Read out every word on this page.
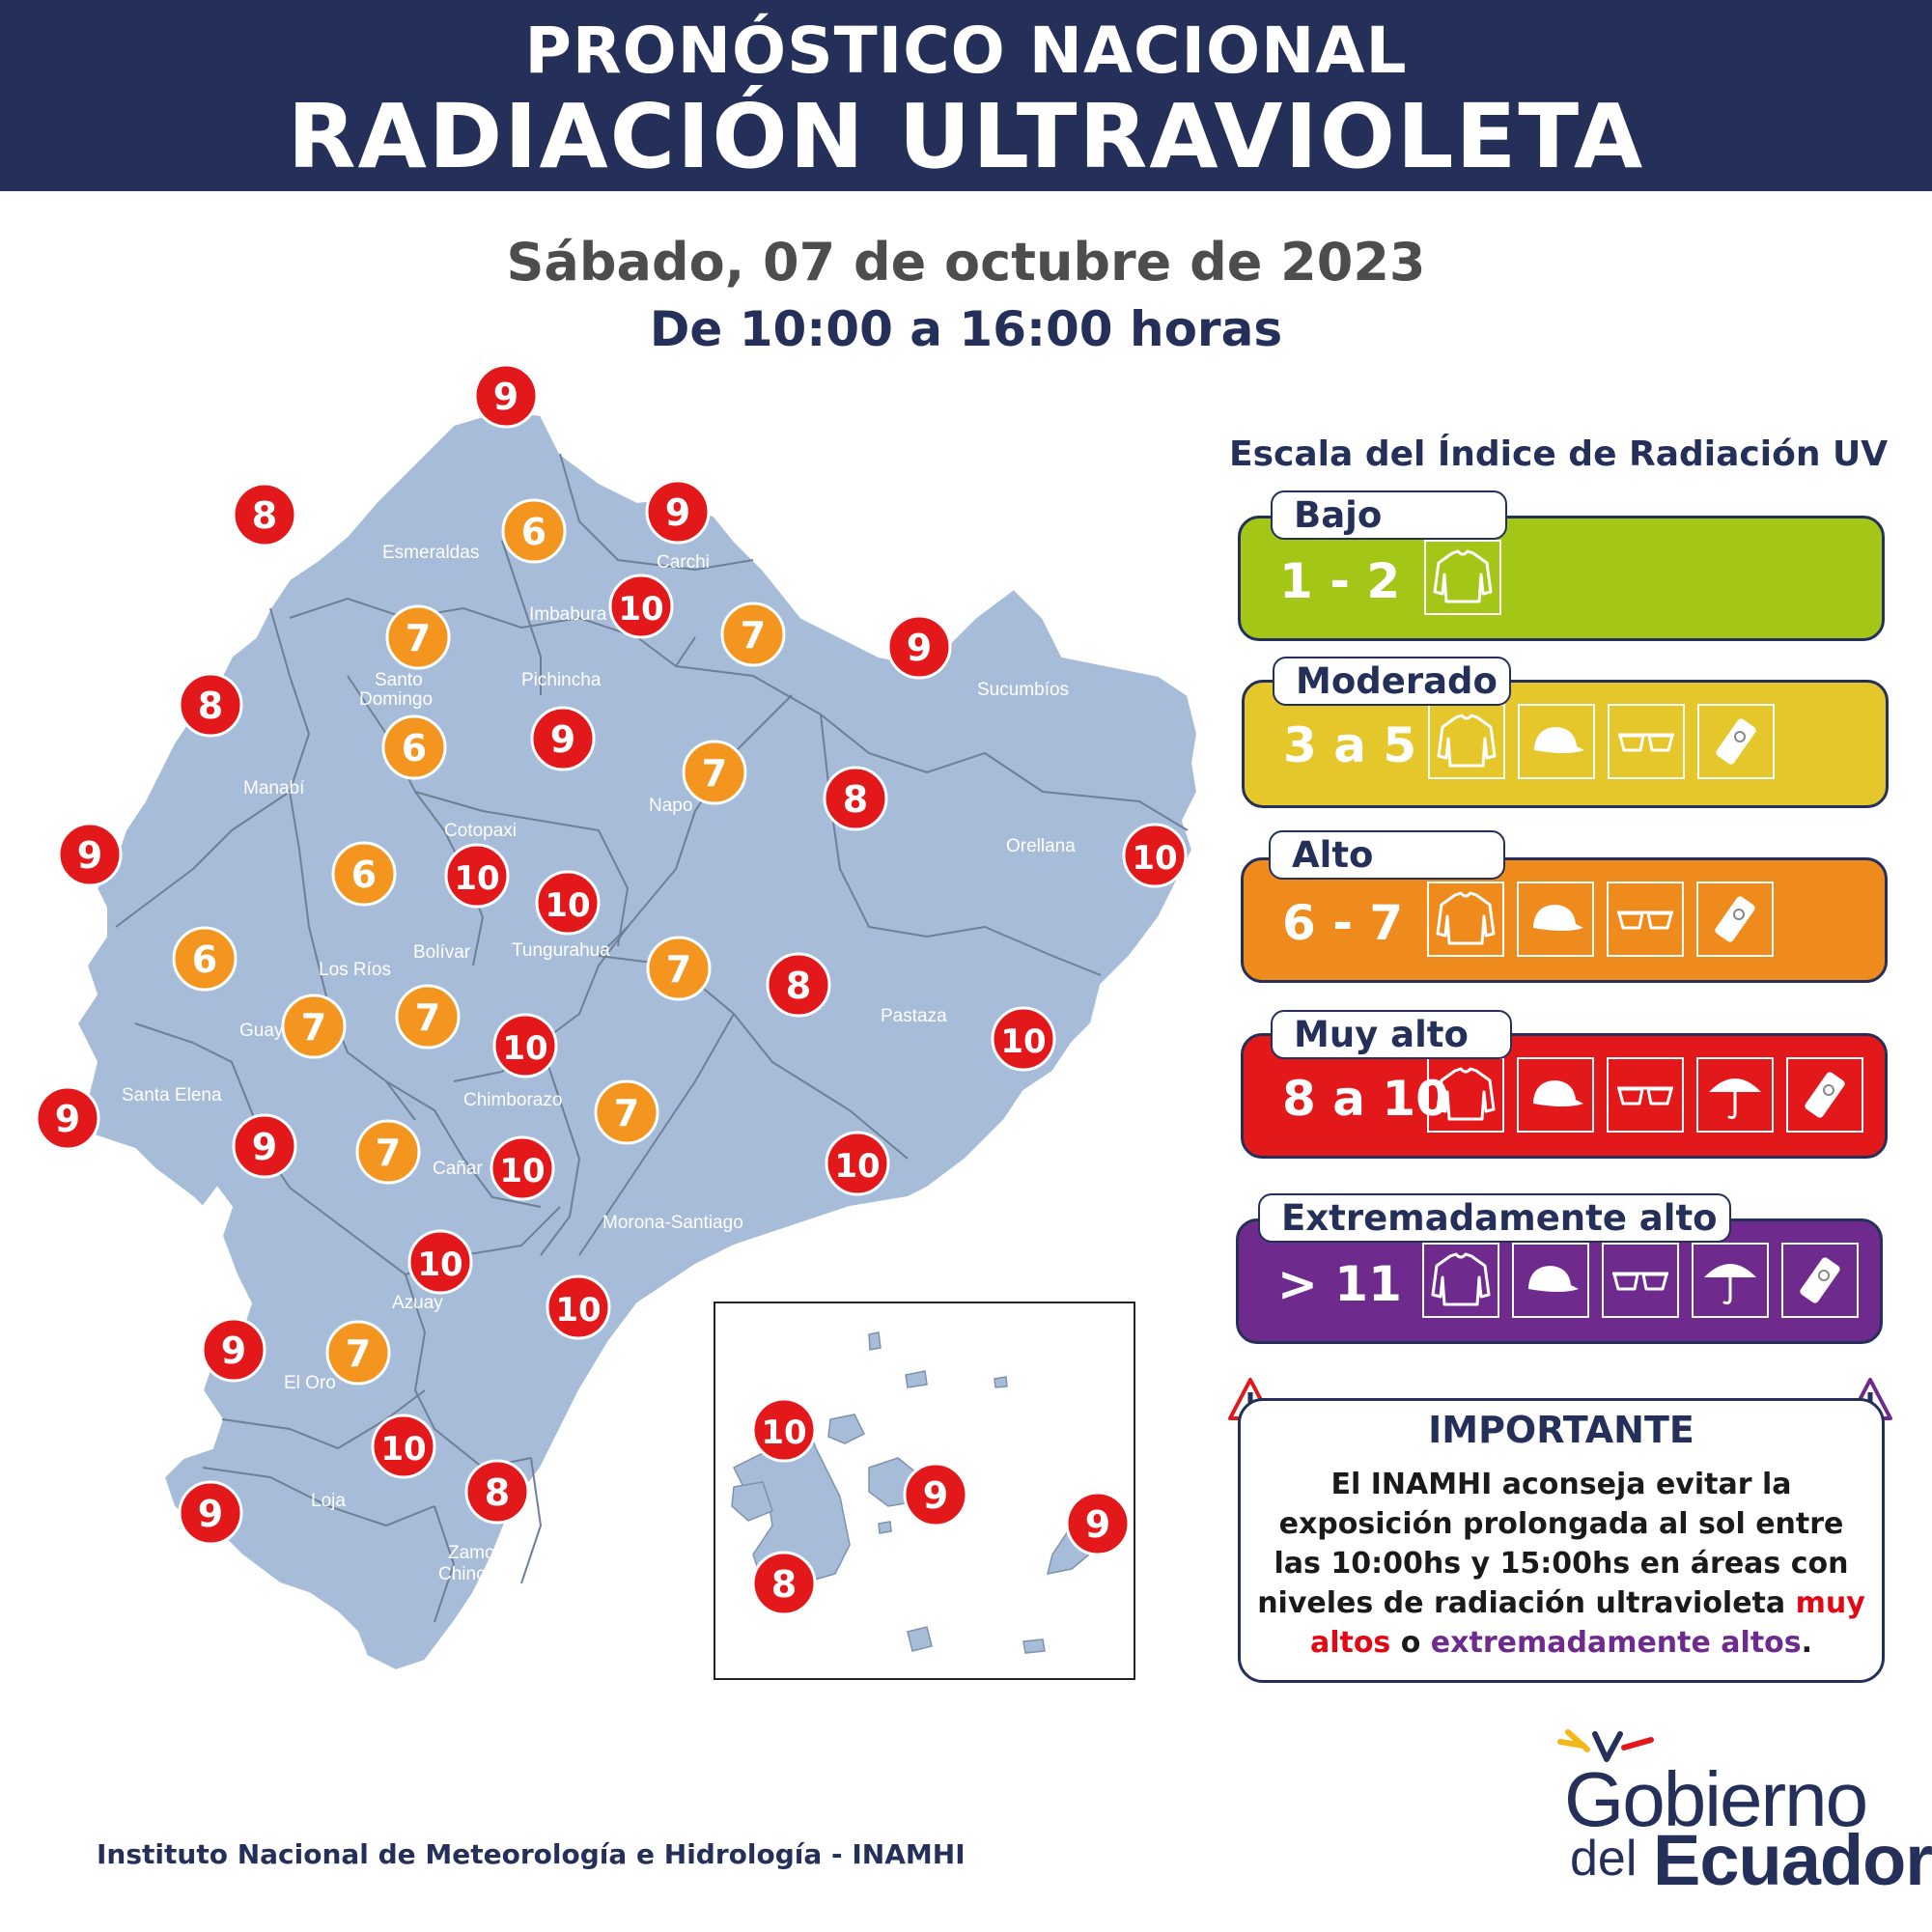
PRONÓSTICO NACIONAL
RADIACIÓN ULTRAVIOLETA
Sábado, 07 de octubre de 2023
De 10:00 a 16:00 horas
Esmeraldas	Carchi
Imbabura
Santo
Domingo
Pichincha	Sucumbíos
Manabí
Napo
Cotopaxi
Orellana
Bolívar Tungurahua
Los Ríos
Guay
Pastaza
Santa Elena	Chimborazo
Cañar
Morona-Santiago
Azuay
El Oro
Loja
Zamora-
Chinchipe
9
8	6	9
10
7	7	9
8
6	9
7
8
9	6 10
10
10
6	7	8
7 7
10	10
9	7
9	7	10	10
10
10
9	7
10
9	8
10
9
9
8
Escala del Índice de Radiación UV
1 - 2
Bajo
3 a 5
Moderado
6 - 7
Alto
8 a 10
Muy alto
> 11
Extremadamente alto
IMPORTANTE
El INAMHI aconseja evitar la exposición prolongada al sol entre las 10:00hs y 15:00hs en áreas con niveles de radiación ultravioleta muy altos o extremadamente altos.
Instituto Nacional de Meteorología e Hidrología - INAMHI
Gobierno
del Ecuador
